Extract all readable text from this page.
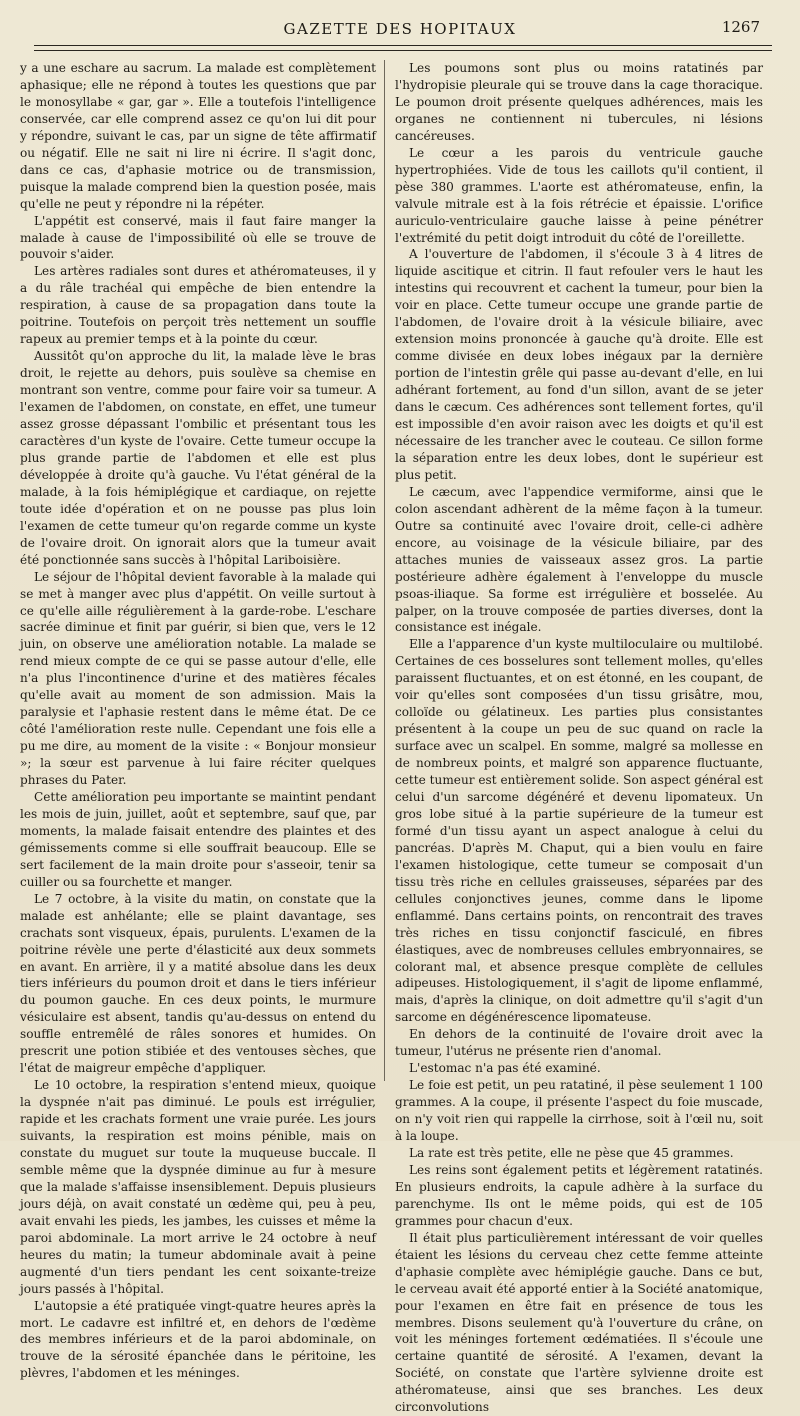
GAZETTE DES HOPITAUX	1267

y a une eschare au sacrum. La malade est complètement aphasique; elle ne répond à toutes les questions que par le monosyllabe « gar, gar ». Elle a toutefois l'intelligence conservée, car elle comprend assez ce qu'on lui dit pour y répondre, suivant le cas, par un signe de tête affirmatif ou négatif. Elle ne sait ni lire ni écrire. Il s'agit donc, dans ce cas, d'aphasie motrice ou de transmission, puisque la malade comprend bien la question posée, mais qu'elle ne peut y répondre ni la répéter.

L'appétit est conservé, mais il faut faire manger la malade à cause de l'impossibilité où elle se trouve de pouvoir s'aider.

Les artères radiales sont dures et athéromateuses, il y a du râle trachéal qui empêche de bien entendre la respiration, à cause de sa propagation dans toute la poitrine. Toutefois on perçoit très nettement un souffle rapeux au premier temps et à la pointe du cœur.

Aussitôt qu'on approche du lit, la malade lève le bras droit, le rejette au dehors, puis soulève sa chemise en montrant son ventre, comme pour faire voir sa tumeur. A l'examen de l'abdomen, on constate, en effet, une tumeur assez grosse dépassant l'ombilic et présentant tous les caractères d'un kyste de l'ovaire. Cette tumeur occupe la plus grande partie de l'abdomen et elle est plus développée à droite qu'à gauche. Vu l'état général de la malade, à la fois hémiplégique et cardiaque, on rejette toute idée d'opération et on ne pousse pas plus loin l'examen de cette tumeur qu'on regarde comme un kyste de l'ovaire droit. On ignorait alors que la tumeur avait été ponctionnée sans succès à l'hôpital Lariboisière.

Le séjour de l'hôpital devient favorable à la malade qui se met à manger avec plus d'appétit. On veille surtout à ce qu'elle aille régulièrement à la garde-robe. L'eschare sacrée diminue et finit par guérir, si bien que, vers le 12 juin, on observe une amélioration notable. La malade se rend mieux compte de ce qui se passe autour d'elle, elle n'a plus l'incontinence d'urine et des matières fécales qu'elle avait au moment de son admission. Mais la paralysie et l'aphasie restent dans le même état. De ce côté l'amélioration reste nulle. Cependant une fois elle a pu me dire, au moment de la visite : « Bonjour monsieur »; la sœur est parvenue à lui faire réciter quelques phrases du Pater.

Cette amélioration peu importante se maintint pendant les mois de juin, juillet, août et septembre, sauf que, par moments, la malade faisait entendre des plaintes et des gémissements comme si elle souffrait beaucoup. Elle se sert facilement de la main droite pour s'asseoir, tenir sa cuiller ou sa fourchette et manger.

Le 7 octobre, à la visite du matin, on constate que la malade est anhélante; elle se plaint davantage, ses crachats sont visqueux, épais, purulents. L'examen de la poitrine révèle une perte d'élasticité aux deux sommets en avant. En arrière, il y a matité absolue dans les deux tiers inférieurs du poumon droit et dans le tiers inférieur du poumon gauche. En ces deux points, le murmure vésiculaire est absent, tandis qu'au-dessus on entend du souffle entremêlé de râles sonores et humides. On prescrit une potion stibiée et des ventouses sèches, que l'état de maigreur empêche d'appliquer.

Le 10 octobre, la respiration s'entend mieux, quoique la dyspnée n'ait pas diminué. Le pouls est irrégulier, rapide et les crachats forment une vraie purée. Les jours suivants, la respiration est moins pénible, mais on constate du muguet sur toute la muqueuse buccale. Il semble même que la dyspnée diminue au fur à mesure que la malade s'affaisse insensiblement. Depuis plusieurs jours déjà, on avait constaté un œdème qui, peu à peu, avait envahi les pieds, les jambes, les cuisses et même la paroi abdominale. La mort arrive le 24 octobre à neuf heures du matin; la tumeur abdominale avait à peine augmenté d'un tiers pendant les cent soixante-treize jours passés à l'hôpital.

L'autopsie a été pratiquée vingt-quatre heures après la mort. Le cadavre est infiltré et, en dehors de l'œdème des membres inférieurs et de la paroi abdominale, on trouve de la sérosité épanchée dans le péritoine, les plèvres, l'abdomen et les méninges.

Les poumons sont plus ou moins ratatinés par l'hydropisie pleurale qui se trouve dans la cage thoracique. Le poumon droit présente quelques adhérences, mais les organes ne contiennent ni tubercules, ni lésions cancéreuses.

Le cœur a les parois du ventricule gauche hypertrophiées. Vide de tous les caillots qu'il contient, il pèse 380 grammes. L'aorte est athéromateuse, enfin, la valvule mitrale est à la fois rétrécie et épaissie. L'orifice auriculo-ventriculaire gauche laisse à peine pénétrer l'extrémité du petit doigt introduit du côté de l'oreillette.

A l'ouverture de l'abdomen, il s'écoule 3 à 4 litres de liquide ascitique et citrin. Il faut refouler vers le haut les intestins qui recouvrent et cachent la tumeur, pour bien la voir en place. Cette tumeur occupe une grande partie de l'abdomen, de l'ovaire droit à la vésicule biliaire, avec extension moins prononcée à gauche qu'à droite. Elle est comme divisée en deux lobes inégaux par la dernière portion de l'intestin grêle qui passe au-devant d'elle, en lui adhérant fortement, au fond d'un sillon, avant de se jeter dans le cæcum. Ces adhérences sont tellement fortes, qu'il est impossible d'en avoir raison avec les doigts et qu'il est nécessaire de les trancher avec le couteau. Ce sillon forme la séparation entre les deux lobes, dont le supérieur est plus petit.

Le cæcum, avec l'appendice vermiforme, ainsi que le colon ascendant adhèrent de la même façon à la tumeur. Outre sa continuité avec l'ovaire droit, celle-ci adhère encore, au voisinage de la vésicule biliaire, par des attaches munies de vaisseaux assez gros. La partie postérieure adhère également à l'enveloppe du muscle psoas-iliaque. Sa forme est irrégulière et bosselée. Au palper, on la trouve composée de parties diverses, dont la consistance est inégale.

Elle a l'apparence d'un kyste multiloculaire ou multilobé. Certaines de ces bosselures sont tellement molles, qu'elles paraissent fluctuantes, et on est étonné, en les coupant, de voir qu'elles sont composées d'un tissu grisâtre, mou, colloïde ou gélatineux. Les parties plus consistantes présentent à la coupe un peu de suc quand on racle la surface avec un scalpel. En somme, malgré sa mollesse en de nombreux points, et malgré son apparence fluctuante, cette tumeur est entièrement solide. Son aspect général est celui d'un sarcome dégénéré et devenu lipomateux. Un gros lobe situé à la partie supérieure de la tumeur est formé d'un tissu ayant un aspect analogue à celui du pancréas. D'après M. Chaput, qui a bien voulu en faire l'examen histologique, cette tumeur se composait d'un tissu très riche en cellules graisseuses, séparées par des cellules conjonctives jeunes, comme dans le lipome enflammé. Dans certains points, on rencontrait des traves très riches en tissu conjonctif fasciculé, en fibres élastiques, avec de nombreuses cellules embryonnaires, se colorant mal, et absence presque complète de cellules adipeuses. Histologiquement, il s'agit de lipome enflammé, mais, d'après la clinique, on doit admettre qu'il s'agit d'un sarcome en dégénérescence lipomateuse.

En dehors de la continuité de l'ovaire droit avec la tumeur, l'utérus ne présente rien d'anomal.

L'estomac n'a pas été examiné.

Le foie est petit, un peu ratatiné, il pèse seulement 1 100 grammes. A la coupe, il présente l'aspect du foie muscade, on n'y voit rien qui rappelle la cirrhose, soit à l'œil nu, soit à la loupe.

La rate est très petite, elle ne pèse que 45 grammes.

Les reins sont également petits et légèrement ratatinés. En plusieurs endroits, la capule adhère à la surface du parenchyme. Ils ont le même poids, qui est de 105 grammes pour chacun d'eux.

Il était plus particulièrement intéressant de voir quelles étaient les lésions du cerveau chez cette femme atteinte d'aphasie complète avec hémiplégie gauche. Dans ce but, le cerveau avait été apporté entier à la Société anatomique, pour l'examen en être fait en présence de tous les membres. Disons seulement qu'à l'ouverture du crâne, on voit les méninges fortement œdématiées. Il s'écoule une certaine quantité de sérosité. A l'examen, devant la Société, on constate que l'artère sylvienne droite est athéromateuse, ainsi que ses branches. Les deux circonvolutions
